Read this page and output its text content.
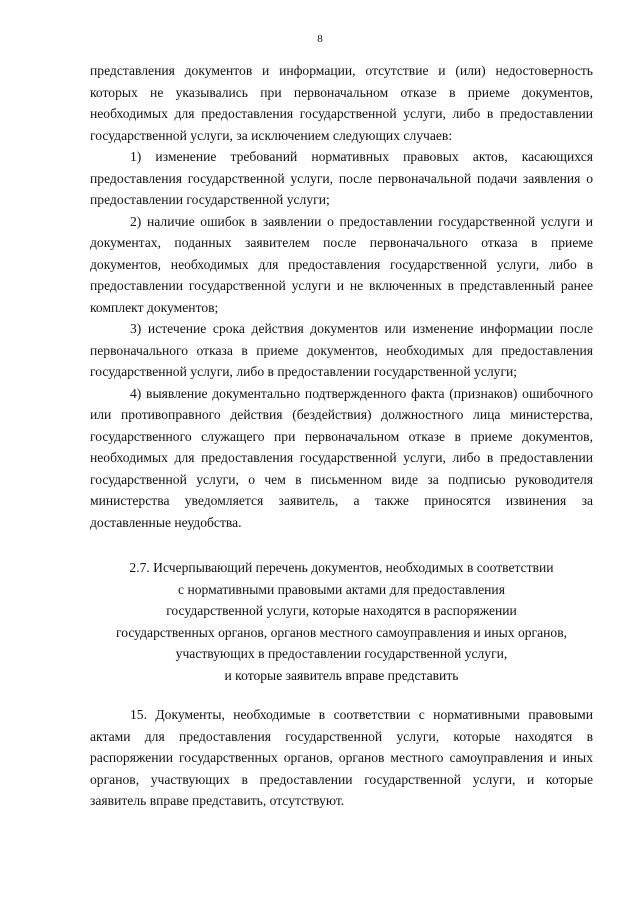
8

представления документов и информации, отсутствие и (или) недостоверность которых не указывались при первоначальном отказе в приеме документов, необходимых для предоставления государственной услуги, либо в предоставлении государственной услуги, за исключением следующих случаев:

1) изменение требований нормативных правовых актов, касающихся предоставления государственной услуги, после первоначальной подачи заявления о предоставлении государственной услуги;

2) наличие ошибок в заявлении о предоставлении государственной услуги и документах, поданных заявителем после первоначального отказа в приеме документов, необходимых для предоставления государственной услуги, либо в предоставлении государственной услуги и не включенных в представленный ранее комплект документов;

3) истечение срока действия документов или изменение информации после первоначального отказа в приеме документов, необходимых для предоставления государственной услуги, либо в предоставлении государственной услуги;

4) выявление документально подтвержденного факта (признаков) ошибочного или противоправного действия (бездействия) должностного лица министерства, государственного служащего при первоначальном отказе в приеме документов, необходимых для предоставления государственной услуги, либо в предоставлении государственной услуги, о чем в письменном виде за подписью руководителя министерства уведомляется заявитель, а также приносятся извинения за доставленные неудобства.

2.7. Исчерпывающий перечень документов, необходимых в соответствии
с нормативными правовыми актами для предоставления
государственной услуги, которые находятся в распоряжении
государственных органов, органов местного самоуправления и иных органов,
участвующих в предоставлении государственной услуги,
и которые заявитель вправе представить

15. Документы, необходимые в соответствии с нормативными правовыми актами для предоставления государственной услуги, которые находятся в распоряжении государственных органов, органов местного самоуправления и иных органов, участвующих в предоставлении государственной услуги, и которые заявитель вправе представить, отсутствуют.
